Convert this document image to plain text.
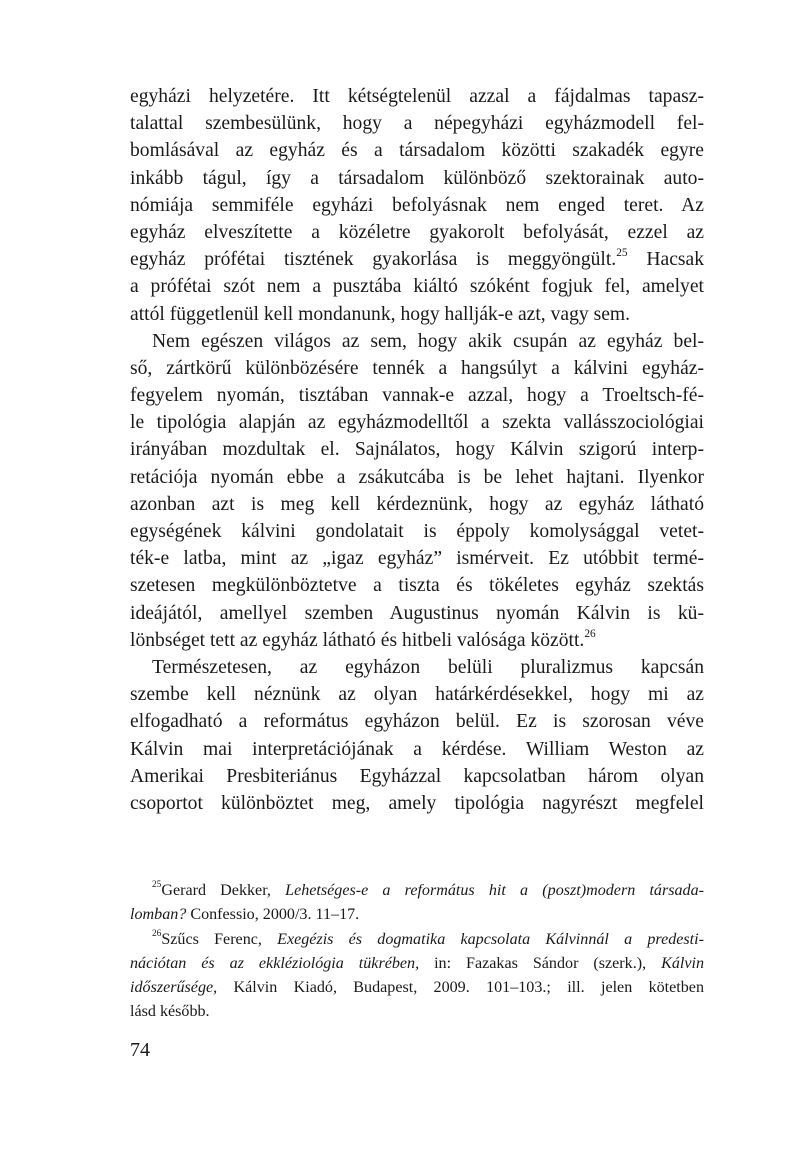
egyházi helyzetére. Itt kétségtelenül azzal a fájdalmas tapasz-
talattal szembesülünk, hogy a népegyházi egyházmodell fel-
bomlásával az egyház és a társadalom közötti szakadék egyre
inkább tágul, így a társadalom különböző szektorainak auto-
nómiája semmiféle egyházi befolyásnak nem enged teret. Az
egyház elveszítette a közéletre gyakorolt befolyását, ezzel az
egyház prófétai tisztének gyakorlása is meggyöngült.$^{25}$ Hacsak
a prófétai szót nem a pusztába kiáltó szóként fogjuk fel, amelyet
attól függetlenül kell mondanunk, hogy hallják-e azt, vagy sem.
Nem egészen világos az sem, hogy akik csupán az egyház bel-
ső, zártkörű különbözésére tennék a hangsúlyt a kálvini egyház-
fegyelem nyomán, tisztában vannak-e azzal, hogy a Troeltsch-fé-
le tipológia alapján az egyházmodelltől a szekta vallásszociológiai
irányában mozdultak el. Sajnálatos, hogy Kálvin szigorú interp-
retációja nyomán ebbe a zsákutcába is be lehet hajtani. Ilyenkor
azonban azt is meg kell kérdeznünk, hogy az egyház látható
egységének kálvini gondolatait is éppoly komolysággal vetet-
ték-e latba, mint az „igaz egyház” ismérveit. Ez utóbbit termé-
szetesen megkülönböztetve a tiszta és tökéletes egyház szektás
ideájától, amellyel szemben Augustinus nyomán Kálvin is kü-
lönbséget tett az egyház látható és hitbeli valósága között.$^{26}$
Természetesen, az egyházon belüli pluralizmus kapcsán
szembe kell néznünk az olyan határkérdésekkel, hogy mi az
elfogadható a református egyházon belül. Ez is szorosan véve
Kálvin mai interpretációjának a kérdése. William Weston az
Amerikai Presbiteriánus Egyházzal kapcsolatban három olyan
csoportot különböztet meg, amely tipológia nagyrészt megfelel
$^{25}$Gerard Dekker, Lehetséges-e a református hit a (poszt)modern társada-
lomban? Confessio, 2000/3. 11–17.
$^{26}$Szűcs Ferenc, Exegézis és dogmatika kapcsolata Kálvinnál a predesti-
nációtan és az ekkléziológia tükrében, in: Fazakas Sándor (szerk.), Kálvin
időszerűsége, Kálvin Kiadó, Budapest, 2009. 101–103.; ill. jelen kötetben
lásd később.
74
